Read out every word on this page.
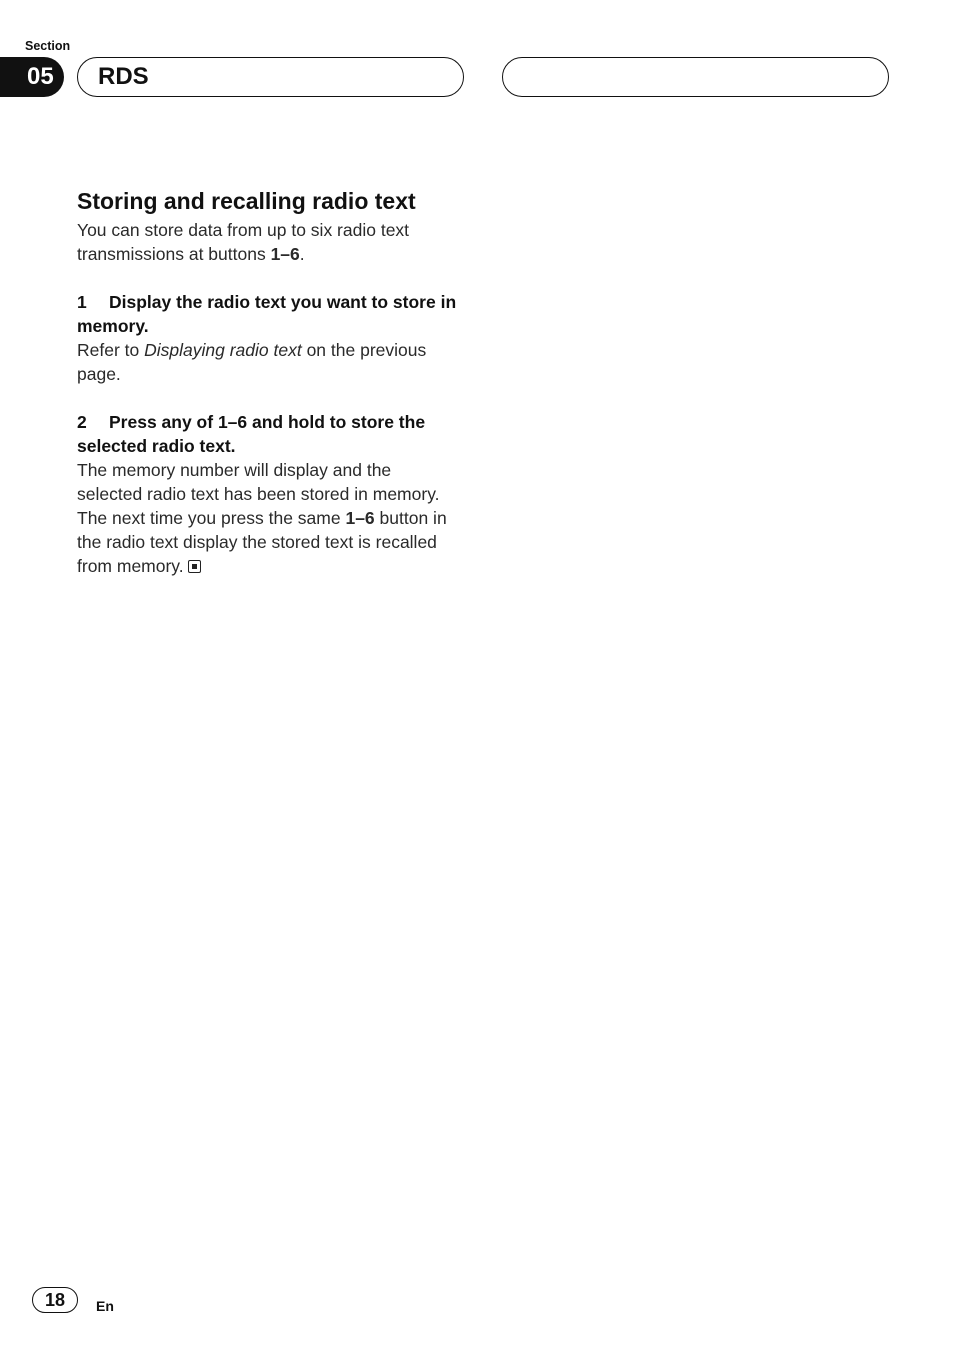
Section
05	RDS
Storing and recalling radio text

You can store data from up to six radio text transmissions at buttons 1–6.

1 Display the radio text you want to store in memory.

Refer to Displaying radio text on the previous page.

2 Press any of 1–6 and hold to store the selected radio text.

The memory number will display and the selected radio text has been stored in memory. The next time you press the same 1–6 button in the radio text display the stored text is recalled from memory.

18	En
